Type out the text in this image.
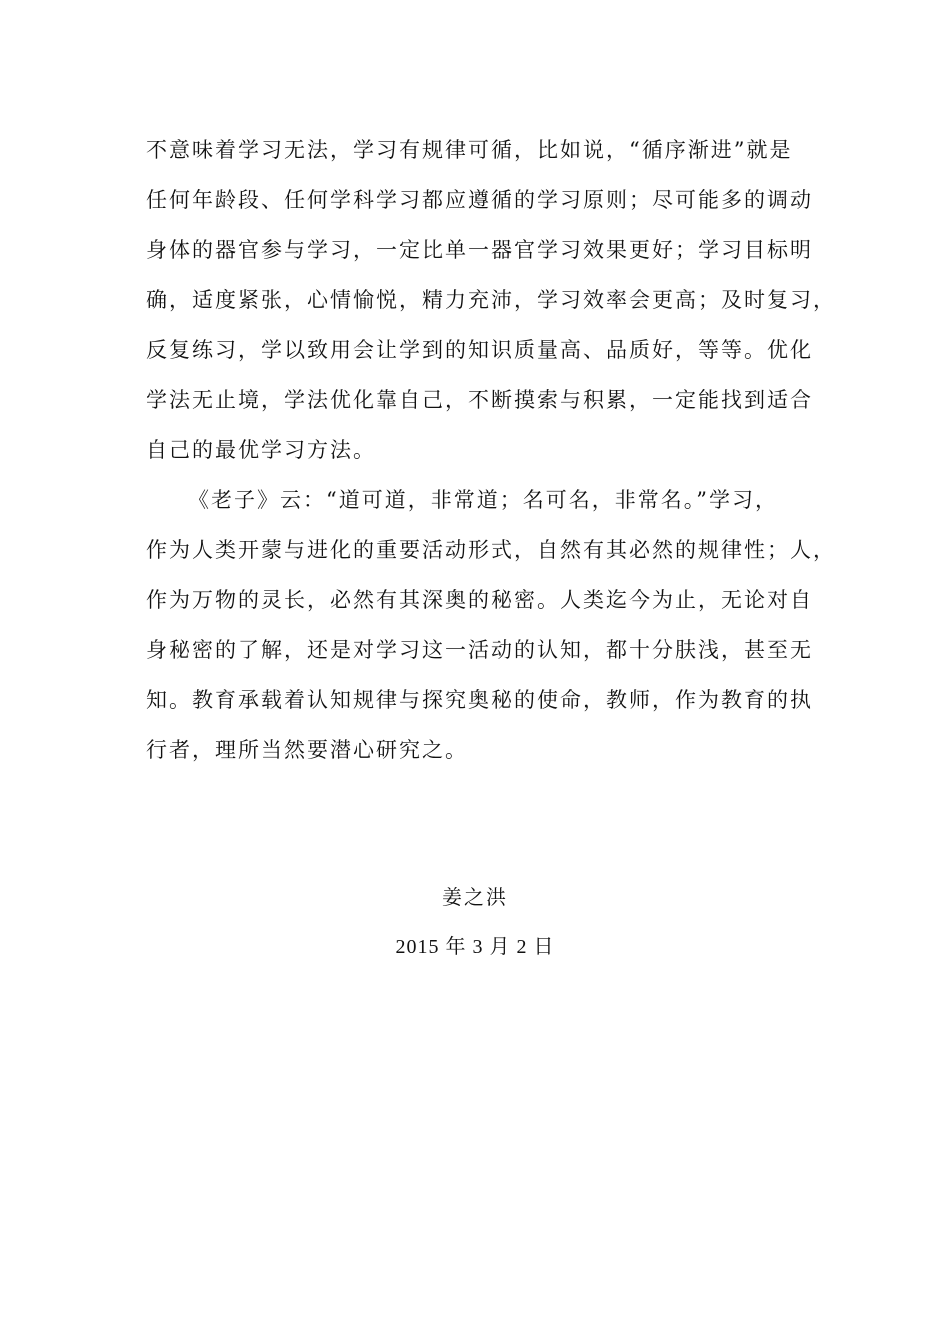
不意味着学习无法，学习有规律可循，比如说，“循序渐进”就是
任何年龄段、任何学科学习都应遵循的学习原则；尽可能多的调动
身体的器官参与学习，一定比单一器官学习效果更好；学习目标明
确，适度紧张，心情愉悦，精力充沛，学习效率会更高；及时复习，
反复练习，学以致用会让学到的知识质量高、品质好，等等。优化
学法无止境，学法优化靠自己，不断摸索与积累，一定能找到适合
自己的最优学习方法。
《老子》云：“道可道，非常道；名可名，非常名。”学习，
作为人类开蒙与进化的重要活动形式，自然有其必然的规律性；人，
作为万物的灵长，必然有其深奥的秘密。人类迄今为止，无论对自
身秘密的了解，还是对学习这一活动的认知，都十分肤浅，甚至无
知。教育承载着认知规律与探究奥秘的使命，教师，作为教育的执
行者，理所当然要潜心研究之。
姜之洪
2015 年 3 月 2 日
